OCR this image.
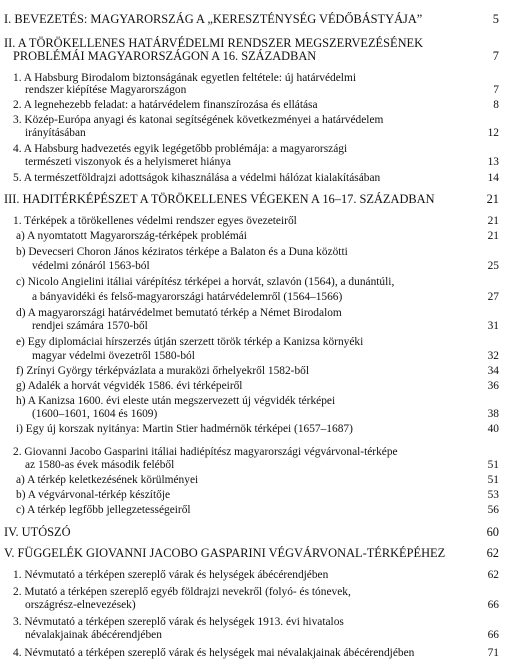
I. BEVEZETÉS: MAGYARORSZÁG A „KERESZTÉNYSÉG VÉDŐBÁSTYÁJA”	5
II. A TÖRÖKELLENES HATÁRVÉDELMI RENDSZER MEGSZERVEZÉSÉNEK
PROBLÉMÁI MAGYARORSZÁGON A 16. SZÁZADBAN	7
1. A Habsburg Birodalom biztonságának egyetlen feltétele: új határvédelmi
rendszer kiépítése Magyarországon	7
2. A legnehezebb feladat: a határvédelem finanszírozása és ellátása	8
3. Közép-Európa anyagi és katonai segítségének következményei a határvédelem
irányításában	12
4. A Habsburg hadvezetés egyik legégetőbb problémája: a magyarországi
természeti viszonyok és a helyismeret hiánya	13
5. A természetföldrajzi adottságok kihasználása a védelmi hálózat kialakításában	14
III. HADITÉRKÉPÉSZET A TÖRÖKELLENES VÉGEKEN A 16–17. SZÁZADBAN	21
1. Térképek a törökellenes védelmi rendszer egyes övezeteiről	21
a) A nyomtatott Magyarország-térképek problémái	21
b) Devecseri Choron János kéziratos térképe a Balaton és a Duna közötti
védelmi zónáról 1563-ból	25
c) Nicolo Angielini itáliai várépítész térképei a horvát, szlavón (1564), a dunántúli,
a bányavidéki és felső-magyarországi határvédelemről (1564–1566)	27
d) A magyarországi határvédelmet bemutató térkép a Német Birodalom
rendjei számára 1570-ből	31
e) Egy diplomáciai hírszerzés útján szerzett török térkép a Kanizsa környéki
magyar védelmi övezetről 1580-ból	32
f) Zrínyi György térképvázlata a muraközi őrhelyekről 1582-ből	34
g) Adalék a horvát végvidék 1586. évi térképeiről	36
h) A Kanizsa 1600. évi eleste után megszervezett új végvidék térképei
(1600–1601, 1604 és 1609)	38
i) Egy új korszak nyitánya: Martin Stier hadmérnök térképei (1657–1687)	40
2. Giovanni Jacobo Gasparini itáliai hadiépítész magyarországi végvárvonal-térképe
az 1580-as évek második feléből	51
a) A térkép keletkezésének körülményei	51
b) A végvárvonal-térkép készítője	53
c) A térkép legfőbb jellegzetességeiről	56
IV. UTÓSZÓ	60
V. FÜGGELÉK GIOVANNI JACOBO GASPARINI VÉGVÁRVONAL-TÉRKÉPÉHEZ	62
1. Névmutató a térképen szereplő várak és helységek ábécérendjében	62
2. Mutató a térképen szereplő egyéb földrajzi nevekről (folyó- és tónevek,
országrész-elnevezések)	66
3. Névmutató a térképen szereplő várak és helységek 1913. évi hivatalos
névalakjainak ábécérendjében	66
4. Névmutató a térképen szereplő várak és helységek mai névalakjainak ábécérendjében	71
